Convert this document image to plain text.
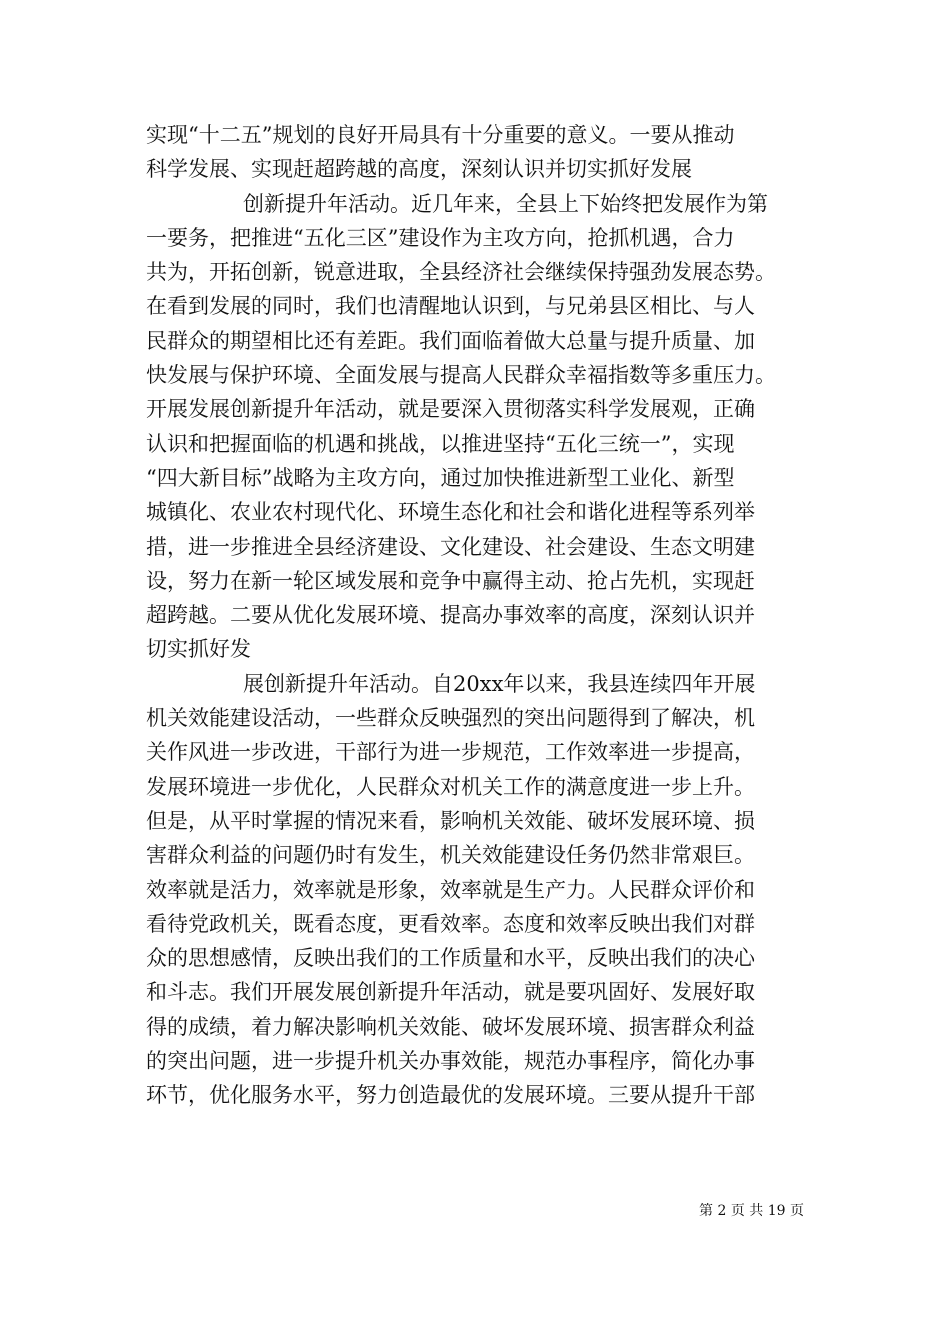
实现“十二五”规划的良好开局具有十分重要的意义。一要从推动
科学发展、实现赶超跨越的高度，深刻认识并切实抓好发展
创新提升年活动。近几年来，全县上下始终把发展作为第
一要务，把推进“五化三区”建设作为主攻方向，抢抓机遇，合力
共为，开拓创新，锐意进取，全县经济社会继续保持强劲发展态势。
在看到发展的同时，我们也清醒地认识到，与兄弟县区相比、与人
民群众的期望相比还有差距。我们面临着做大总量与提升质量、加
快发展与保护环境、全面发展与提高人民群众幸福指数等多重压力。
开展发展创新提升年活动，就是要深入贯彻落实科学发展观，正确
认识和把握面临的机遇和挑战，以推进坚持“五化三统一”，实现
“四大新目标”战略为主攻方向，通过加快推进新型工业化、新型
城镇化、农业农村现代化、环境生态化和社会和谐化进程等系列举
措，进一步推进全县经济建设、文化建设、社会建设、生态文明建
设，努力在新一轮区域发展和竞争中赢得主动、抢占先机，实现赶
超跨越。二要从优化发展环境、提高办事效率的高度，深刻认识并
切实抓好发
展创新提升年活动。自20xx年以来，我县连续四年开展
机关效能建设活动，一些群众反映强烈的突出问题得到了解决，机
关作风进一步改进，干部行为进一步规范，工作效率进一步提高，
发展环境进一步优化，人民群众对机关工作的满意度进一步上升。
但是，从平时掌握的情况来看，影响机关效能、破坏发展环境、损
害群众利益的问题仍时有发生，机关效能建设任务仍然非常艰巨。
效率就是活力，效率就是形象，效率就是生产力。人民群众评价和
看待党政机关，既看态度，更看效率。态度和效率反映出我们对群
众的思想感情，反映出我们的工作质量和水平，反映出我们的决心
和斗志。我们开展发展创新提升年活动，就是要巩固好、发展好取
得的成绩，着力解决影响机关效能、破坏发展环境、损害群众利益
的突出问题，进一步提升机关办事效能，规范办事程序，简化办事
环节，优化服务水平，努力创造最优的发展环境。三要从提升干部
第 2 页 共 19 页
